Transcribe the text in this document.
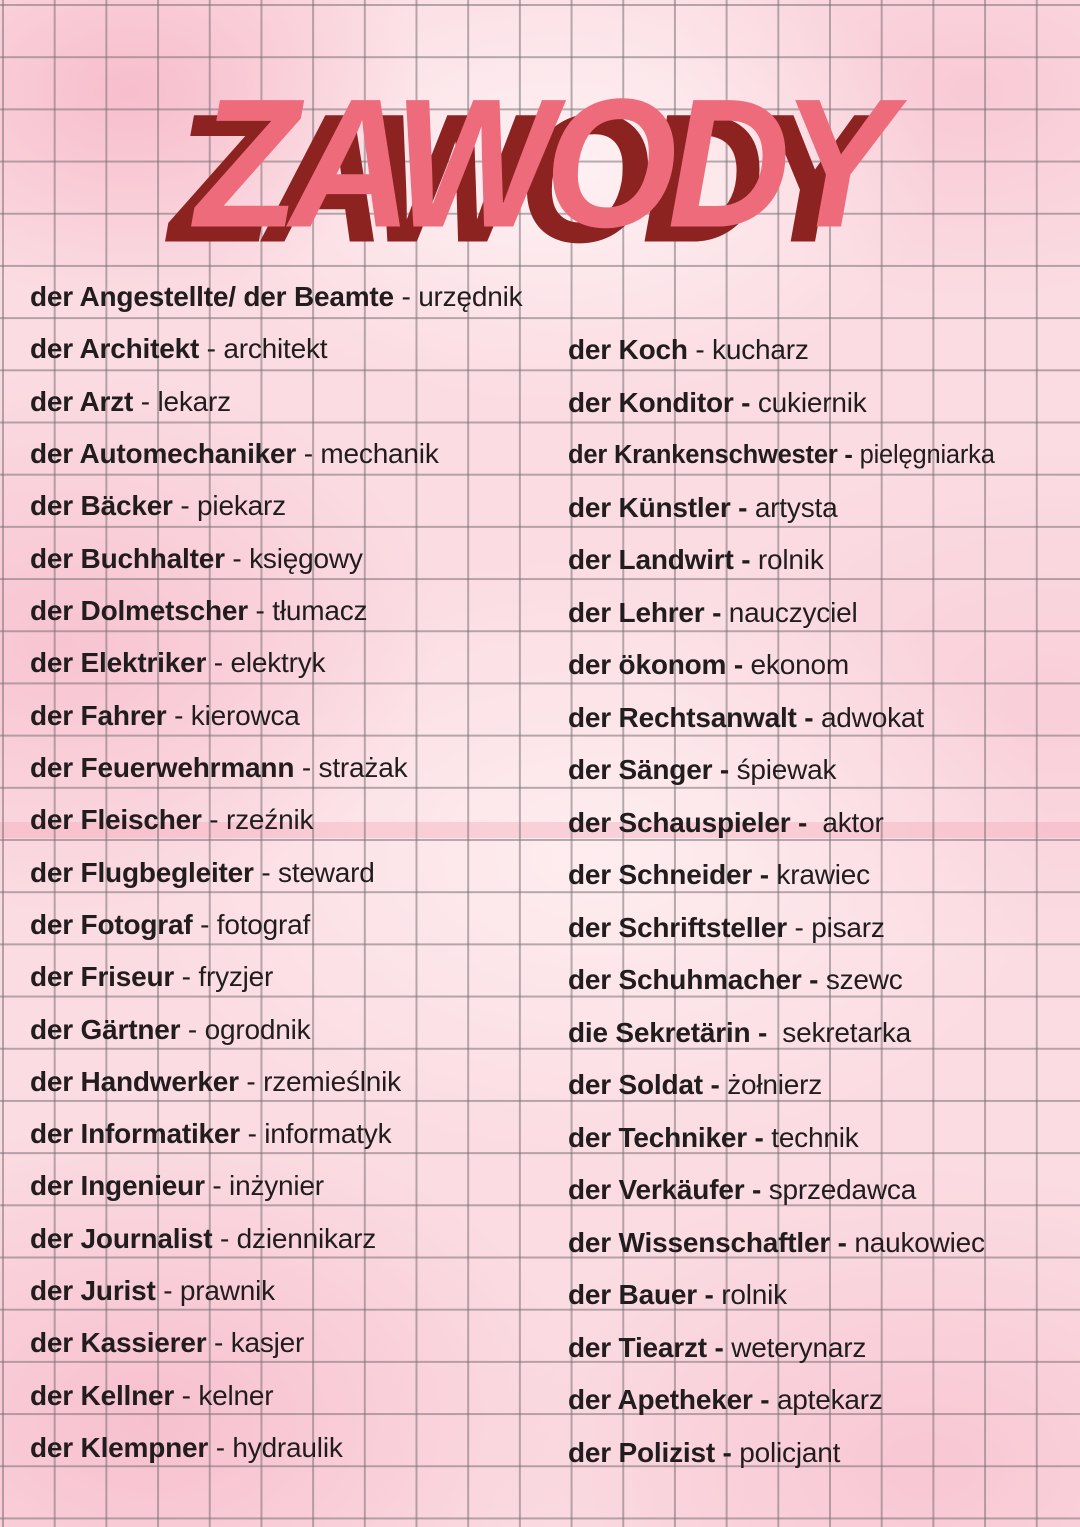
ZAWODY
der Angestellte/ der Beamte - urzędnik
der Architekt - architekt
der Arzt - lekarz
der Automechaniker - mechanik
der Bäcker - piekarz
der Buchhalter - księgowy
der Dolmetscher - tłumacz
der Elektriker - elektryk
der Fahrer - kierowca
der Feuerwehrmann - strażak
der Fleischer - rzeźnik
der Flugbegleiter - steward
der Fotograf - fotograf
der Friseur - fryzjer
der Gärtner - ogrodnik
der Handwerker - rzemieślnik
der Informatiker - informatyk
der Ingenieur - inżynier
der Journalist - dziennikarz
der Jurist - prawnik
der Kassierer - kasjer
der Kellner - kelner
der Klempner - hydraulik
der Koch - kucharz
der Konditor - cukiernik
der Krankenschwester - pielęgniarka
der Künstler - artysta
der Landwirt - rolnik
der Lehrer - nauczyciel
der ökonom - ekonom
der Rechtsanwalt - adwokat
der Sänger - śpiewak
der Schauspieler - aktor
der Schneider - krawiec
der Schriftsteller - pisarz
der Schuhmacher - szewc
die Sekretärin - sekretarka
der Soldat - żołnierz
der Techniker - technik
der Verkäufer - sprzedawca
der Wissenschaftler - naukowiec
der Bauer - rolnik
der Tiearzt - weterynarz
der Apetheker - aptekarz
der Polizist - policjant
